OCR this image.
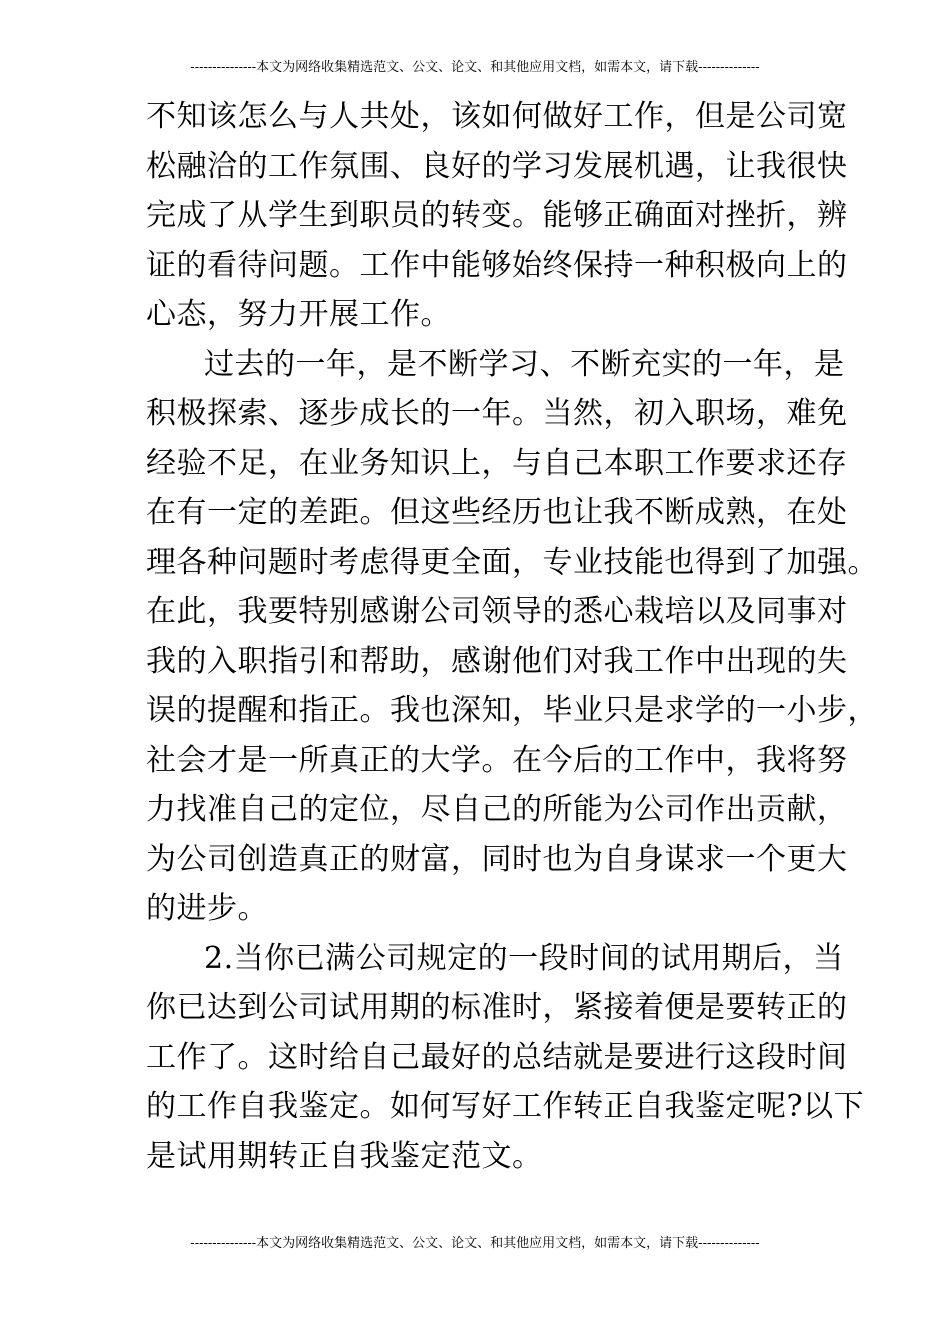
---------------本文为网络收集精选范文、公文、论文、和其他应用文档，如需本文，请下载--------------
不知该怎么与人共处，该如何做好工作，但是公司宽
松融洽的工作氛围、良好的学习发展机遇，让我很快
完成了从学生到职员的转变。能够正确面对挫折，辨
证的看待问题。工作中能够始终保持一种积极向上的
心态，努力开展工作。
过去的一年，是不断学习、不断充实的一年，是
积极探索、逐步成长的一年。当然，初入职场，难免
经验不足，在业务知识上，与自己本职工作要求还存
在有一定的差距。但这些经历也让我不断成熟，在处
理各种问题时考虑得更全面，专业技能也得到了加强。
在此，我要特别感谢公司领导的悉心栽培以及同事对
我的入职指引和帮助，感谢他们对我工作中出现的失
误的提醒和指正。我也深知，毕业只是求学的一小步，
社会才是一所真正的大学。在今后的工作中，我将努
力找准自己的定位，尽自己的所能为公司作出贡献，
为公司创造真正的财富，同时也为自身谋求一个更大
的进步。
2.当你已满公司规定的一段时间的试用期后，当
你已达到公司试用期的标准时，紧接着便是要转正的
工作了。这时给自己最好的总结就是要进行这段时间
的工作自我鉴定。如何写好工作转正自我鉴定呢?以下
是试用期转正自我鉴定范文。
---------------本文为网络收集精选范文、公文、论文、和其他应用文档，如需本文，请下载--------------
